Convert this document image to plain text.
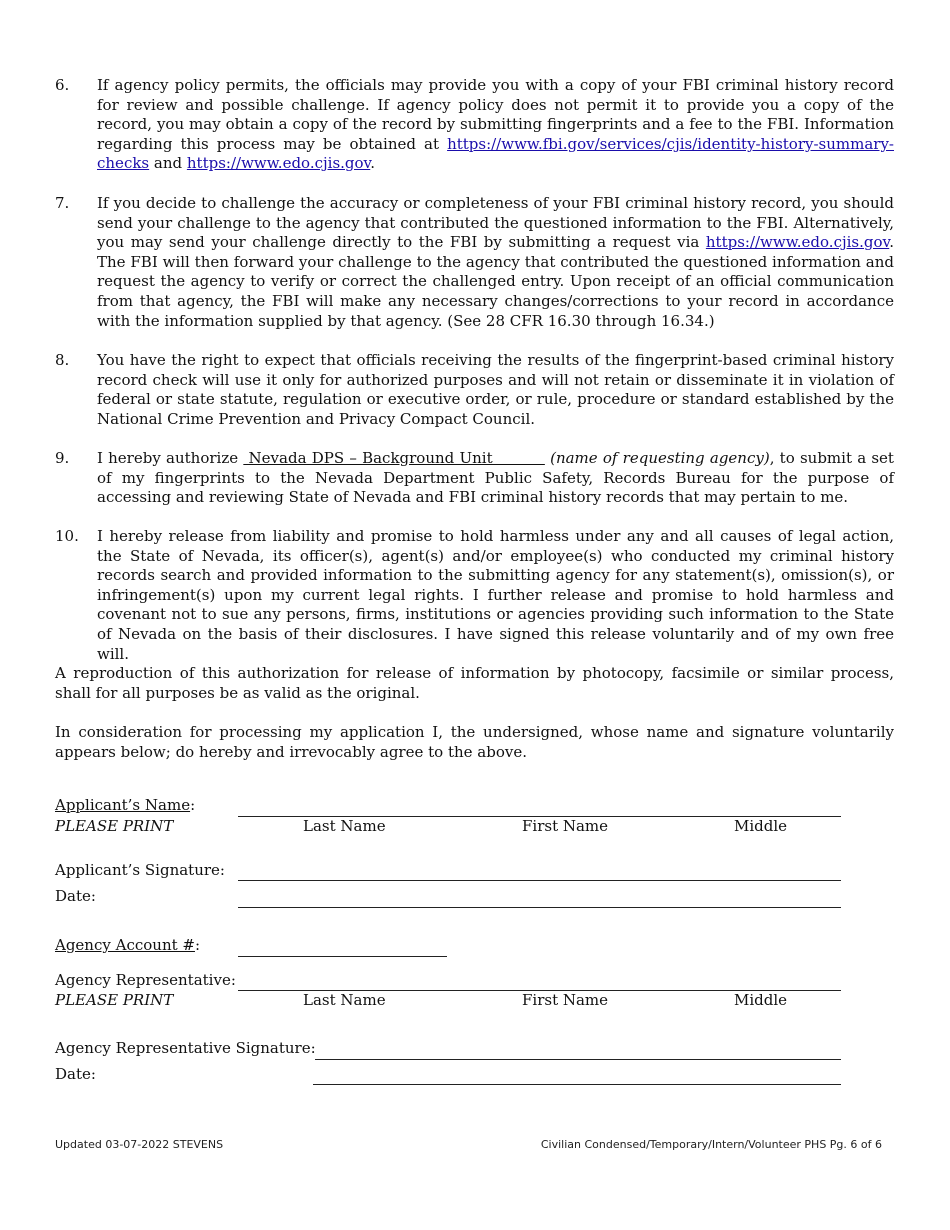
6. If agency policy permits, the officials may provide you with a copy of your FBI criminal history record for review and possible challenge. If agency policy does not permit it to provide you a copy of the record, you may obtain a copy of the record by submitting fingerprints and a fee to the FBI. Information regarding this process may be obtained at https://www.fbi.gov/services/cjis/identity-history-summary-checks and https://www.edo.cjis.gov.
7. If you decide to challenge the accuracy or completeness of your FBI criminal history record, you should send your challenge to the agency that contributed the questioned information to the FBI. Alternatively, you may send your challenge directly to the FBI by submitting a request via https://www.edo.cjis.gov. The FBI will then forward your challenge to the agency that contributed the questioned information and request the agency to verify or correct the challenged entry. Upon receipt of an official communication from that agency, the FBI will make any necessary changes/corrections to your record in accordance with the information supplied by that agency. (See 28 CFR 16.30 through 16.34.)
8. You have the right to expect that officials receiving the results of the fingerprint-based criminal history record check will use it only for authorized purposes and will not retain or disseminate it in violation of federal or state statute, regulation or executive order, or rule, procedure or standard established by the National Crime Prevention and Privacy Compact Council.
9. I hereby authorize  Nevada DPS – Background Unit           (name of requesting agency), to submit a set of my fingerprints to the Nevada Department Public Safety, Records Bureau for the purpose of accessing and reviewing State of Nevada and FBI criminal history records that may pertain to me.
10. I hereby release from liability and promise to hold harmless under any and all causes of legal action, the State of Nevada, its officer(s), agent(s) and/or employee(s) who conducted my criminal history records search and provided information to the submitting agency for any statement(s), omission(s), or infringement(s) upon my current legal rights. I further release and promise to hold harmless and covenant not to sue any persons, firms, institutions or agencies providing such information to the State of Nevada on the basis of their disclosures. I have signed this release voluntarily and of my own free will.
A reproduction of this authorization for release of information by photocopy, facsimile or similar process, shall for all purposes be as valid as the original.
In consideration for processing my application I, the undersigned, whose name and signature voluntarily appears below; do hereby and irrevocably agree to the above.
Applicant’s Name:
PLEASE PRINT	Last Name	First Name	Middle
Applicant’s Signature:
Date:
Agency Account #:
Agency Representative:
PLEASE PRINT	Last Name	First Name	Middle
Agency Representative Signature:
Date:
Updated 03-07-2022 STEVENS	Civilian Condensed/Temporary/Intern/Volunteer PHS Pg. 6 of 6
